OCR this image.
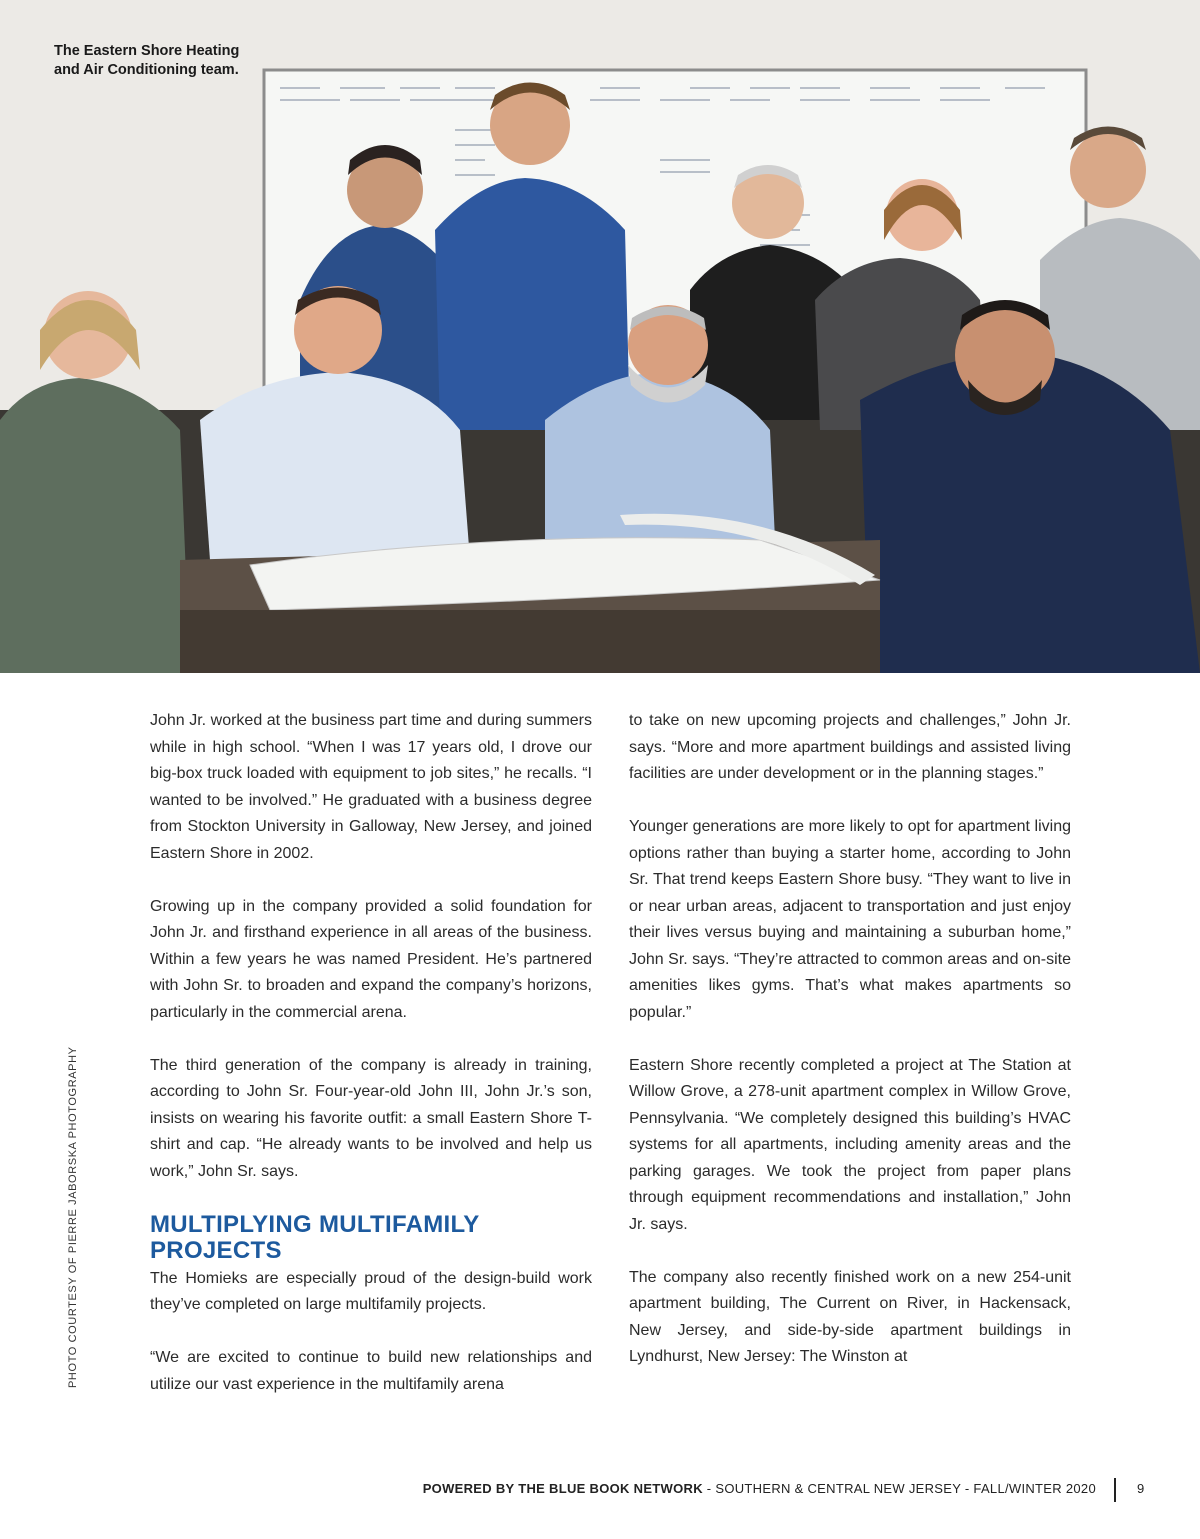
The Eastern Shore Heating
and Air Conditioning team.

John Jr. worked at the business part time and during summers while in high school. “When I was 17 years old, I drove our big-box truck loaded with equipment to job sites,” he recalls. “I wanted to be involved.” He graduated with a business degree from Stockton University in Galloway, New Jersey, and joined Eastern Shore in 2002.

Growing up in the company provided a solid foundation for John Jr. and firsthand experience in all areas of the business. Within a few years he was named President. He’s partnered with John Sr. to broaden and expand the company’s horizons, particularly in the commercial arena.

The third generation of the company is already in training, according to John Sr. Four-year-old John III, John Jr.’s son, insists on wearing his favorite outfit: a small Eastern Shore T-shirt and cap. “He already wants to be involved and help us work,” John Sr. says.

MULTIPLYING MULTIFAMILY PROJECTS

The Homieks are especially proud of the design-build work they’ve completed on large multifamily projects.

“We are excited to continue to build new relationships and utilize our vast experience in the multifamily arena

to take on new upcoming projects and challenges,” John Jr. says. “More and more apartment buildings and assisted living facilities are under development or in the planning stages.”

Younger generations are more likely to opt for apartment living options rather than buying a starter home, according to John Sr. That trend keeps Eastern Shore busy. “They want to live in or near urban areas, adjacent to transportation and just enjoy their lives versus buying and maintaining a suburban home,” John Sr. says. “They’re attracted to common areas and on-site amenities likes gyms. That’s what makes apartments so popular.”

Eastern Shore recently completed a project at The Station at Willow Grove, a 278-unit apartment complex in Willow Grove, Pennsylvania. “We completely designed this building’s HVAC systems for all apartments, including amenity areas and the parking garages. We took the project from paper plans through equipment recommendations and installation,” John Jr. says.

The company also recently finished work on a new 254-unit apartment building, The Current on River, in Hackensack, New Jersey, and side-by-side apartment buildings in Lyndhurst, New Jersey: The Winston at

PHOTO COURTESY OF PIERRE JABORSKA PHOTOGRAPHY
POWERED BY THE BLUE BOOK NETWORK - SOUTHERN & CENTRAL NEW JERSEY - FALL/WINTER 2020	9
